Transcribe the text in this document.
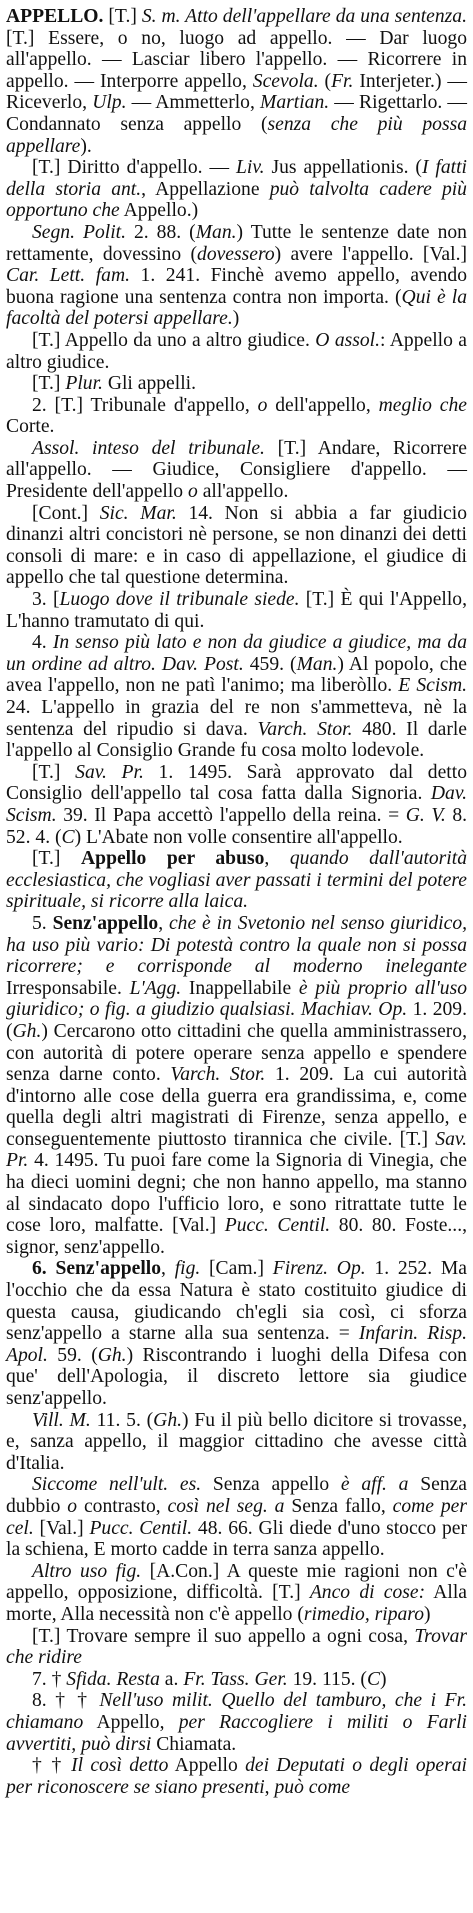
APPELLO. [T.] S. m. Atto dell'appellare da una sentenza. [T.] Essere, o no, luogo ad appello. — Dar luogo all'appello. — Lasciar libero l'appello. — Ricorrere in appello. — Interporre appello, Scevola. (Fr. Interjeter.) — Riceverlo, Ulp. — Ammetterlo, Martian. — Rigettarlo. — Condannato senza appello (senza che più possa appellare).

[T.] Diritto d'appello. — Liv. Jus appellationis. (I fatti della storia ant., Appellazione può talvolta cadere più opportuno che Appello.)

Segn. Polit. 2. 88. (Man.) Tutte le sentenze date non rettamente, dovessino (dovessero) avere l'appello. [Val.] Car. Lett. fam. 1. 241. Finchè avemo appello, avendo buona ragione una sentenza contra non importa. (Qui è la facoltà del potersi appellare.)

[T.] Appello da uno a altro giudice. O assol.: Appello a altro giudice.

[T.] Plur. Gli appelli.

2. [T.] Tribunale d'appello, o dell'appello, meglio che Corte.

Assol. inteso del tribunale. [T.] Andare, Ricorrere all'appello. — Giudice, Consigliere d'appello. — Presidente dell'appello o all'appello.

[Cont.] Sic. Mar. 14. Non si abbia a far giudicio dinanzi altri concistori nè persone, se non dinanzi dei detti consoli di mare: e in caso di appellazione, el giudice di appello che tal questione determina.

3. [Luogo dove il tribunale siede. [T.] È qui l'Appello, L'hanno tramutato di qui.

4. In senso più lato e non da giudice a giudice, ma da un ordine ad altro. Dav. Post. 459. (Man.) Al popolo, che avea l'appello, non ne patì l'animo; ma liberòllo. E Scism. 24. L'appello in grazia del re non s'ammetteva, nè la sentenza del ripudio si dava. Varch. Stor. 480. Il darle l'appello al Consiglio Grande fu cosa molto lodevole.

[T.] Sav. Pr. 1. 1495. Sarà approvato dal detto Consiglio dell'appello tal cosa fatta dalla Signoria. Dav. Scism. 39. Il Papa accettò l'appello della reina. = G. V. 8. 52. 4. (C) L'Abate non volle consentire all'appello.

[T.] Appello per abuso, quando dall'autorità ecclesiastica, che vogliasi aver passati i termini del potere spirituale, si ricorre alla laica.

5. Senz'appello, che è in Svetonio nel senso giuridico, ha uso più vario: Di potestà contro la quale non si possa ricorrere; e corrisponde al moderno inelegante Irresponsabile. L'Agg. Inappellabile è più proprio all'uso giuridico; o fig. a giudizio qualsiasi. Machiav. Op. 1. 209. (Gh.) Cercarono otto cittadini che quella amministrassero, con autorità di potere operare senza appello e spendere senza darne conto. Varch. Stor. 1. 209. La cui autorità d'intorno alle cose della guerra era grandissima, e, come quella degli altri magistrati di Firenze, senza appello, e conseguentemente piuttosto tirannica che civile. [T.] Sav. Pr. 4. 1495. Tu puoi fare come la Signoria di Vinegia, che ha dieci uomini degni; che non hanno appello, ma stanno al sindacato dopo l'ufficio loro, e sono ritrattate tutte le cose loro, malfatte. [Val.] Pucc. Centil. 80. 80. Foste..., signor, senz'appello.

6. Senz'appello, fig. [Cam.] Firenz. Op. 1. 252. Ma l'occhio che da essa Natura è stato costituito giudice di questa causa, giudicando ch'egli sia così, ci sforza senz'appello a starne alla sua sentenza. = Infarin. Risp. Apol. 59. (Gh.) Riscontrando i luoghi della Difesa con que' dell'Apologia, il discreto lettore sia giudice senz'appello.

Vill. M. 11. 5. (Gh.) Fu il più bello dicitore si trovasse, e, sanza appello, il maggior cittadino che avesse città d'Italia.

Siccome nell'ult. es. Senza appello è aff. a Senza dubbio o contrasto, così nel seg. a Senza fallo, come per cel. [Val.] Pucc. Centil. 48. 66. Gli diede d'uno stocco per la schiena, E morto cadde in terra sanza appello.

Altro uso fig. [A.Con.] A queste mie ragioni non c'è appello, opposizione, difficoltà. [T.] Anco di cose: Alla morte, Alla necessità non c'è appello (rimedio, riparo)

[T.] Trovare sempre il suo appello a ogni cosa, Trovar che ridire

7. † Sfida. Resta a. Fr. Tass. Ger. 19. 115. (C)

8. † † Nell'uso milit. Quello del tamburo, che i Fr. chiamano Appello, per Raccogliere i militi o Farli avvertiti, può dirsi Chiamata.

† † Il così detto Appello dei Deputati o degli operai per riconoscere se siano presenti, può come
